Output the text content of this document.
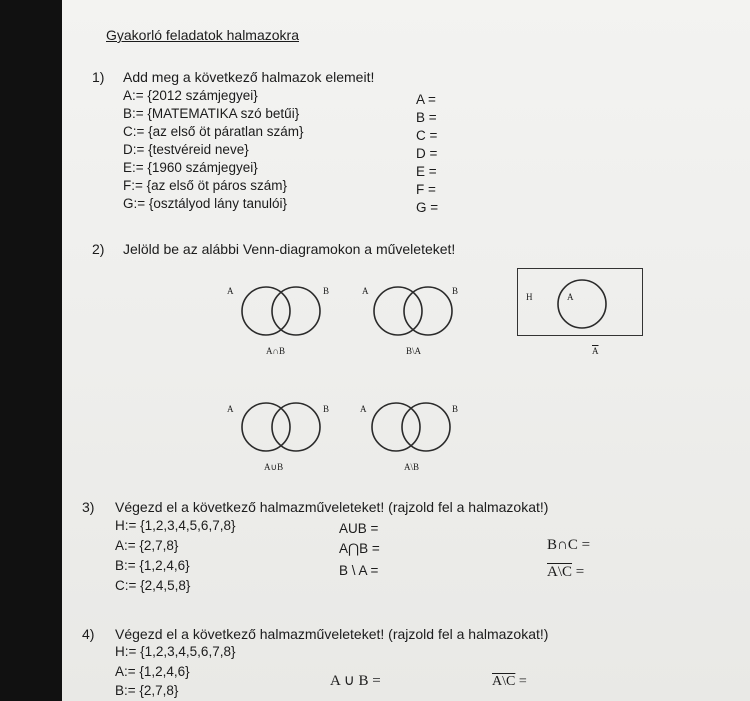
Gyakorló feladatok halmazokra
1) Add meg a következő halmazok elemeit!
A:= {2012 számjegyei}
B:= {MATEMATIKA szó betűi}
C:= {az első öt páratlan szám}
D:= {testvéreid neve}
E:= {1960 számjegyei}
F:= {az első öt páros szám}
G:= {osztályod lány tanulói}
A =
B =
C =
D =
E =
F =
G =
2) Jelöld be az alábbi Venn-diagramokon a műveleteket!
A	B
A∩B
A	B
B\A
H	A
$\overline{A}$
A	B
A∪B
A	B
A\B
3) Végezd el a következő halmazműveleteket! (rajzold fel a halmazokat!)
H:= {1,2,3,4,5,6,7,8}
A:= {2,7,8}
B:= {1,2,4,6}
C:= {2,4,5,8}
AUB =
A⋂B =
B \ A =
B∩C =
A\C =
4) Végezd el a következő halmazműveleteket! (rajzold fel a halmazokat!)
H:= {1,2,3,4,5,6,7,8}
A:= {1,2,4,6}
B:= {2,7,8}
A ∪ B =	A\C =
